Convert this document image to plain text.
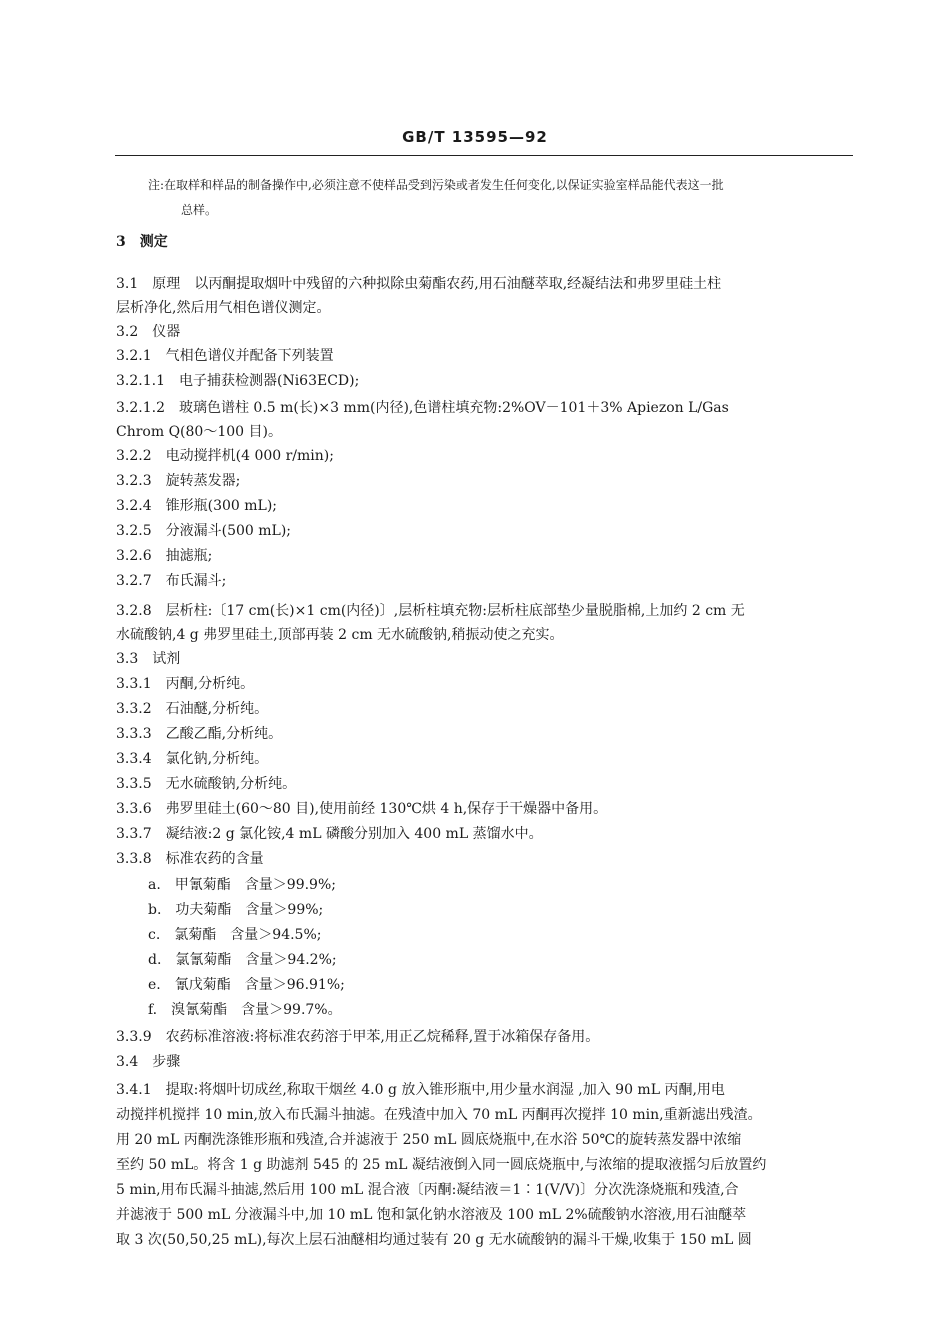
GB/T 13595—92
注:在取样和样品的制备操作中,必须注意不使样品受到污染或者发生任何变化,以保证实验室样品能代表这一批
总样。
3 测定
3.1　原理　以丙酮提取烟叶中残留的六种拟除虫菊酯农药,用石油醚萃取,经凝结法和弗罗里硅土柱
层析净化,然后用气相色谱仪测定。
3.2　仪器
3.2.1　气相色谱仪并配备下列装置
3.2.1.1　电子捕获检测器(Ni63ECD);
3.2.1.2　玻璃色谱柱 0.5 m(长)×3 mm(内径),色谱柱填充物:2%OV－101＋3% Apiezon L/Gas
Chrom Q(80～100 目)。
3.2.2　电动搅拌机(4 000 r/min);
3.2.3　旋转蒸发器;
3.2.4　锥形瓶(300 mL);
3.2.5　分液漏斗(500 mL);
3.2.6　抽滤瓶;
3.2.7　布氏漏斗;
3.2.8　层析柱:〔17 cm(长)×1 cm(内径)〕,层析柱填充物:层析柱底部垫少量脱脂棉,上加约 2 cm 无
水硫酸钠,4 g 弗罗里硅土,顶部再装 2 cm 无水硫酸钠,稍振动使之充实。
3.3　试剂
3.3.1　丙酮,分析纯。
3.3.2　石油醚,分析纯。
3.3.3　乙酸乙酯,分析纯。
3.3.4　氯化钠,分析纯。
3.3.5　无水硫酸钠,分析纯。
3.3.6　弗罗里硅土(60～80 目),使用前经 130℃烘 4 h,保存于干燥器中备用。
3.3.7　凝结液:2 g 氯化铵,4 mL 磷酸分别加入 400 mL 蒸馏水中。
3.3.8　标准农药的含量
a. 甲氰菊酯 含量＞99.9%;
b. 功夫菊酯 含量＞99%;
c. 氯菊酯 含量＞94.5%;
d. 氯氰菊酯 含量＞94.2%;
e. 氰戊菊酯 含量＞96.91%;
f. 溴氰菊酯 含量＞99.7%。
3.3.9　农药标准溶液:将标准农药溶于甲苯,用正乙烷稀释,置于冰箱保存备用。
3.4　步骤
3.4.1　提取:将烟叶切成丝,称取干烟丝 4.0 g 放入锥形瓶中,用少量水润湿 ,加入 90 mL 丙酮,用电
动搅拌机搅拌 10 min,放入布氏漏斗抽滤。在残渣中加入 70 mL 丙酮再次搅拌 10 min,重新滤出残渣。
用 20 mL 丙酮洗涤锥形瓶和残渣,合并滤液于 250 mL 圆底烧瓶中,在水浴 50℃的旋转蒸发器中浓缩
至约 50 mL。将含 1 g 助滤剂 545 的 25 mL 凝结液倒入同一圆底烧瓶中,与浓缩的提取液摇匀后放置约
5 min,用布氏漏斗抽滤,然后用 100 mL 混合液〔丙酮:凝结液＝1∶1(V/V)〕分次洗涤烧瓶和残渣,合
并滤液于 500 mL 分液漏斗中,加 10 mL 饱和氯化钠水溶液及 100 mL 2%硫酸钠水溶液,用石油醚萃
取 3 次(50,50,25 mL),每次上层石油醚相均通过装有 20 g 无水硫酸钠的漏斗干燥,收集于 150 mL 圆
